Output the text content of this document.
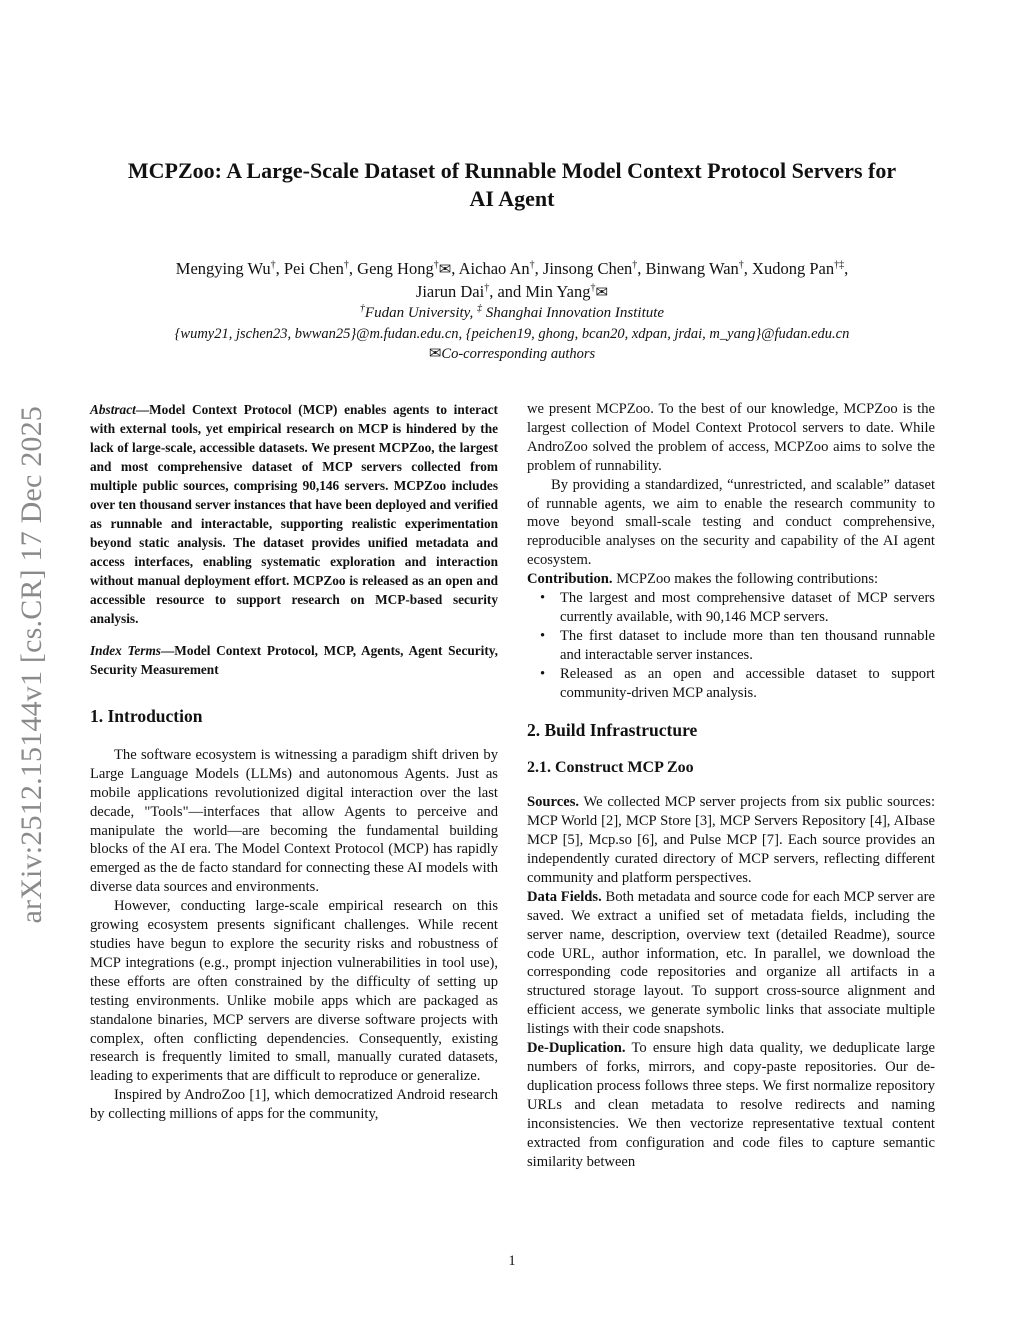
arXiv:2512.15144v1 [cs.CR] 17 Dec 2025
MCPZoo: A Large-Scale Dataset of Runnable Model Context Protocol Servers for
AI Agent
Mengying Wu†, Pei Chen†, Geng Hong†✉, Aichao An†, Jinsong Chen†, Binwang Wan†, Xudong Pan†‡,
Jiarun Dai†, and Min Yang†✉
†Fudan University, ‡ Shanghai Innovation Institute
{wumy21, jschen23, bwwan25}@m.fudan.edu.cn, {peichen19, ghong, bcan20, xdpan, jrdai, m_yang}@fudan.edu.cn
✉Co-corresponding authors

Abstract—Model Context Protocol (MCP) enables agents to interact with external tools, yet empirical research on MCP is hindered by the lack of large-scale, accessible datasets. We present MCPZoo, the largest and most comprehensive dataset of MCP servers collected from multiple public sources, comprising 90,146 servers. MCPZoo includes over ten thousand server instances that have been deployed and verified as runnable and interactable, supporting realistic experimentation beyond static analysis. The dataset provides unified metadata and access interfaces, enabling systematic exploration and interaction without manual deployment effort. MCPZoo is released as an open and accessible resource to support research on MCP-based security analysis.

Index Terms—Model Context Protocol, MCP, Agents, Agent Security, Security Measurement

1. Introduction

The software ecosystem is witnessing a paradigm shift driven by Large Language Models (LLMs) and autonomous Agents. Just as mobile applications revolutionized digital interaction over the last decade, "Tools"—interfaces that allow Agents to perceive and manipulate the world—are becoming the fundamental building blocks of the AI era. The Model Context Protocol (MCP) has rapidly emerged as the de facto standard for connecting these AI models with diverse data sources and environments.

However, conducting large-scale empirical research on this growing ecosystem presents significant challenges. While recent studies have begun to explore the security risks and robustness of MCP integrations (e.g., prompt injection vulnerabilities in tool use), these efforts are often constrained by the difficulty of setting up testing environments. Unlike mobile apps which are packaged as standalone binaries, MCP servers are diverse software projects with complex, often conflicting dependencies. Consequently, existing research is frequently limited to small, manually curated datasets, leading to experiments that are difficult to reproduce or generalize.

Inspired by AndroZoo [1], which democratized Android research by collecting millions of apps for the community,

we present MCPZoo. To the best of our knowledge, MCPZoo is the largest collection of Model Context Protocol servers to date. While AndroZoo solved the problem of access, MCPZoo aims to solve the problem of runnability.

By providing a standardized, “unrestricted, and scalable” dataset of runnable agents, we aim to enable the research community to move beyond small-scale testing and conduct comprehensive, reproducible analyses on the security and capability of the AI agent ecosystem.

Contribution. MCPZoo makes the following contributions:

• The largest and most comprehensive dataset of MCP servers currently available, with 90,146 MCP servers.
• The first dataset to include more than ten thousand runnable and interactable server instances.
• Released as an open and accessible dataset to support community-driven MCP analysis.
2. Build Infrastructure
2.1. Construct MCP Zoo

Sources. We collected MCP server projects from six public sources: MCP World [2], MCP Store [3], MCP Servers Repository [4], AIbase MCP [5], Mcp.so [6], and Pulse MCP [7]. Each source provides an independently curated directory of MCP servers, reflecting different community and platform perspectives.

Data Fields. Both metadata and source code for each MCP server are saved. We extract a unified set of metadata fields, including the server name, description, overview text (detailed Readme), source code URL, author information, etc. In parallel, we download the corresponding code repositories and organize all artifacts in a structured storage layout. To support cross-source alignment and efficient access, we generate symbolic links that associate multiple listings with their code snapshots.

De-Duplication. To ensure high data quality, we deduplicate large numbers of forks, mirrors, and copy-paste repositories. Our de-duplication process follows three steps. We first normalize repository URLs and clean metadata to resolve redirects and naming inconsistencies. We then vectorize representative textual content extracted from configuration and code files to capture semantic similarity between

1
